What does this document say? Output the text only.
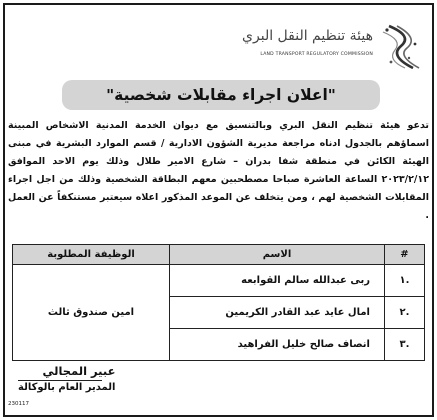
هيئة تنظيم النقل البري
LAND TRANSPORT REGULATORY COMMISSION
"اعلان اجراء مقابلات شخصية"

تدعو هيئة تنظيم النقل البري وبالتنسيق مع ديوان الخدمة المدنية الاشخاص المبينة اسماؤهم بالجدول ادناه مراجعة مديرية الشؤون الادارية / قسم الموارد البشرية في مبنى الهيئة الكائن في منطقة شفا بدران – شارع الامير طلال وذلك يوم الاحد الموافق ٢٠٢٣/٢/١٢ الساعة العاشرة صباحا مصطحبين معهم البطاقة الشخصية وذلك من اجل اجراء المقابلات الشخصية لهم ، ومن يتخلف عن الموعد المذكور اعلاه سيعتبر مستنكفاً عن العمل .

#	الاسم	الوظيفة المطلوبة
.١	ربى عبدالله سالم القوابعه	امين صندوق ثالث
.٢	امال عايد عبد القادر الكريمين	
.٣	انصاف صالح خليل الفراهيد	
عبير المجالي
المدير العام بالوكالة
230117
